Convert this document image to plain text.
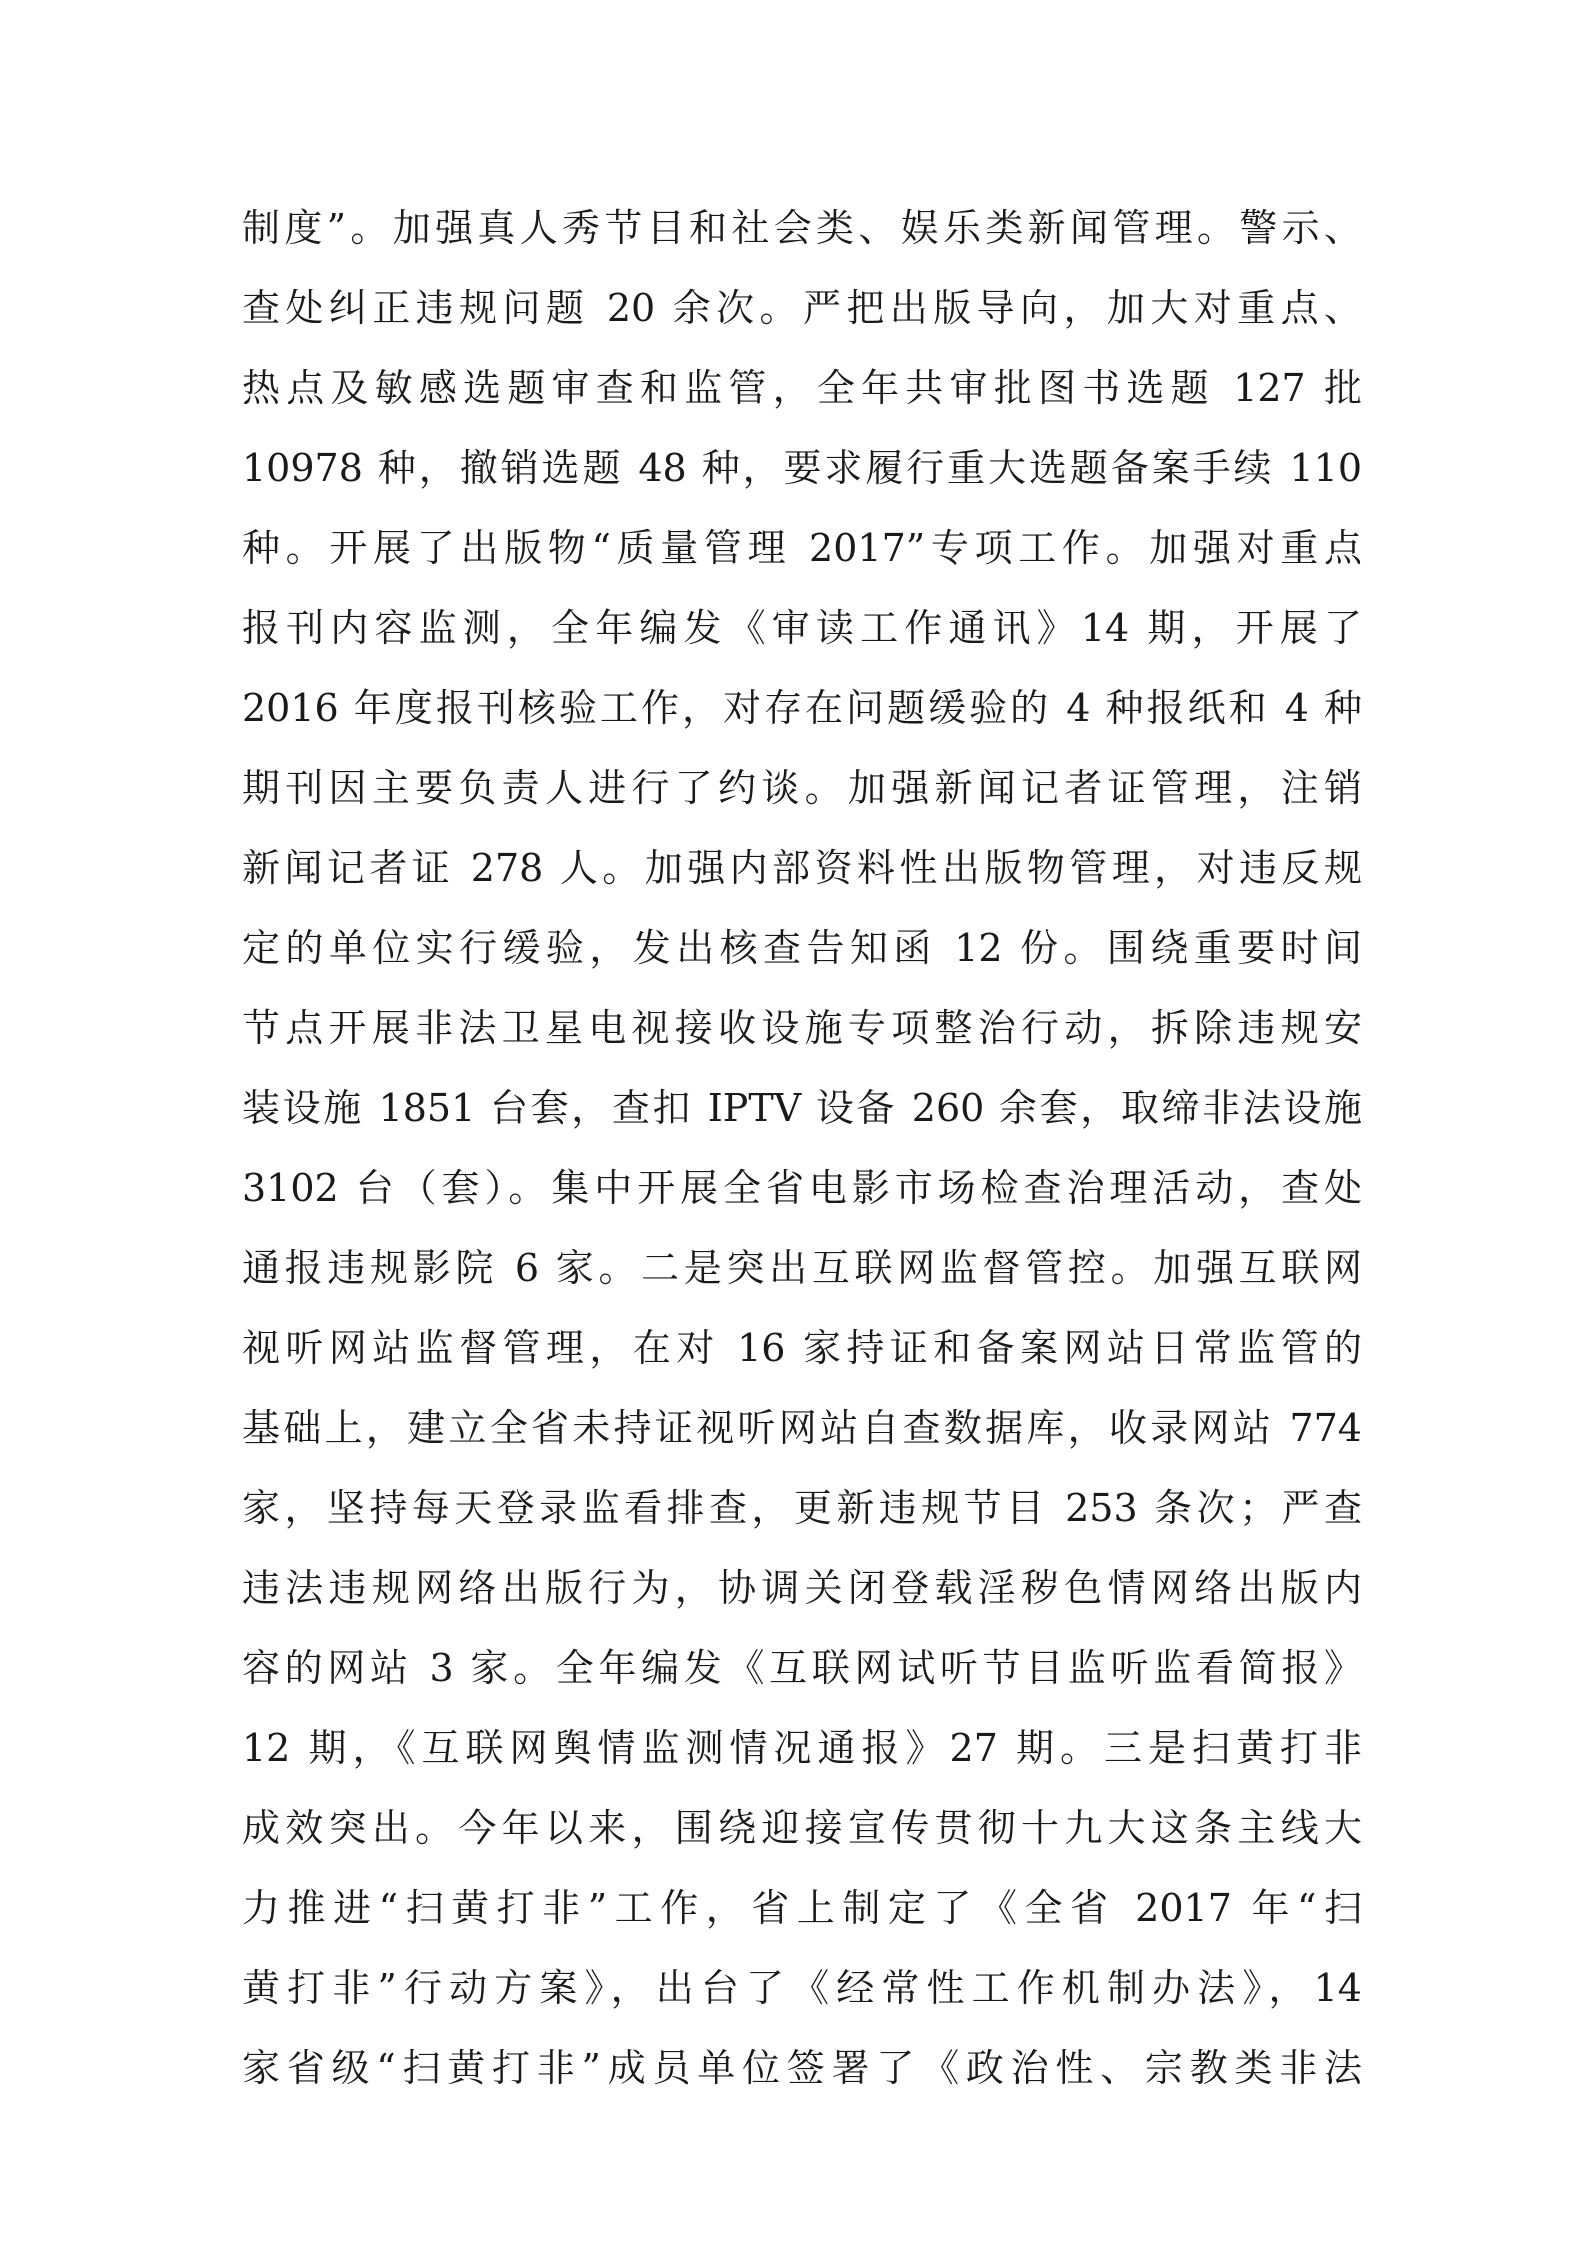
制度”。加强真人秀节目和社会类、娱乐类新闻管理。警示、
查处纠正违规问题 20 余次。严把出版导向，加大对重点、
热点及敏感选题审查和监管，全年共审批图书选题 127 批
10978 种，撤销选题 48 种，要求履行重大选题备案手续 110
种。开展了出版物“质量管理 2017”专项工作。加强对重点
报刊内容监测，全年编发《审读工作通讯》14 期，开展了
2016 年度报刊核验工作，对存在问题缓验的 4 种报纸和 4 种
期刊因主要负责人进行了约谈。加强新闻记者证管理，注销
新闻记者证 278 人。加强内部资料性出版物管理，对违反规
定的单位实行缓验，发出核查告知函 12 份。围绕重要时间
节点开展非法卫星电视接收设施专项整治行动，拆除违规安
装设施 1851 台套，查扣 IPTV 设备 260 余套，取缔非法设施
3102 台（套）。集中开展全省电影市场检查治理活动，查处
通报违规影院 6 家。二是突出互联网监督管控。加强互联网
视听网站监督管理，在对 16 家持证和备案网站日常监管的
基础上，建立全省未持证视听网站自查数据库，收录网站 774
家，坚持每天登录监看排查，更新违规节目 253 条次；严查
违法违规网络出版行为，协调关闭登载淫秽色情网络出版内
容的网站 3 家。全年编发《互联网试听节目监听监看简报》
12 期，《互联网舆情监测情况通报》27 期。三是扫黄打非
成效突出。今年以来，围绕迎接宣传贯彻十九大这条主线大
力推进“扫黄打非”工作，省上制定了《全省 2017 年“扫
黄打非”行动方案》，出台了《经常性工作机制办法》，14
家省级“扫黄打非”成员单位签署了《政治性、宗教类非法
